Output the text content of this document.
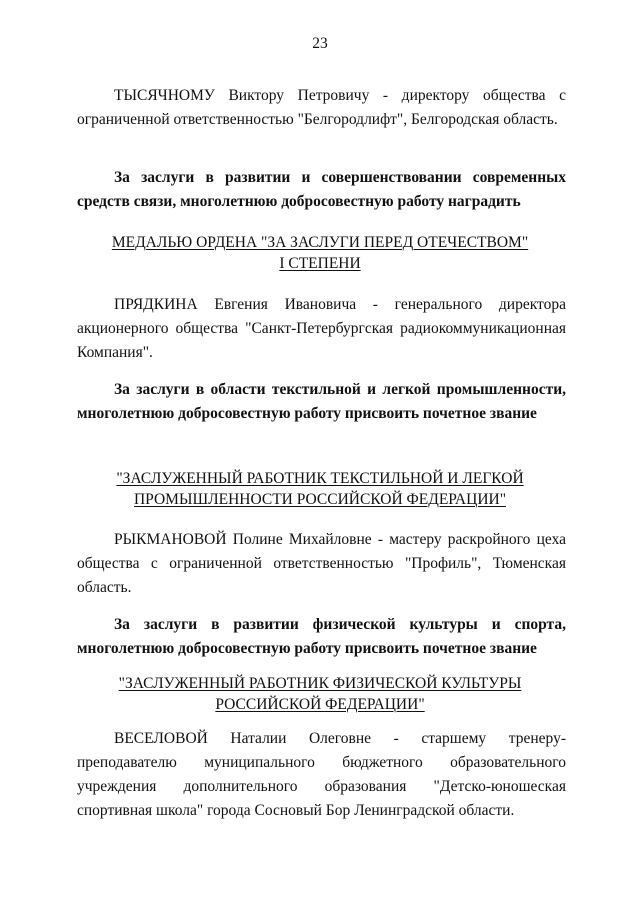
23

ТЫСЯЧНОМУ Виктору Петровичу - директору общества с ограниченной ответственностью "Белгородлифт", Белгородская область.

За заслуги в развитии и совершенствовании современных средств связи, многолетнюю добросовестную работу наградить

МЕДАЛЬЮ ОРДЕНА "ЗА ЗАСЛУГИ ПЕРЕД ОТЕЧЕСТВОМ"
I СТЕПЕНИ

ПРЯДКИНА Евгения Ивановича - генерального директора акционерного общества "Санкт-Петербургская радиокоммуникационная Компания".

За заслуги в области текстильной и легкой промышленности, многолетнюю добросовестную работу присвоить почетное звание

"ЗАСЛУЖЕННЫЙ РАБОТНИК ТЕКСТИЛЬНОЙ И ЛЕГКОЙ
ПРОМЫШЛЕННОСТИ РОССИЙСКОЙ ФЕДЕРАЦИИ"

РЫКМАНОВОЙ Полине Михайловне - мастеру раскройного цеха общества с ограниченной ответственностью "Профиль", Тюменская область.

За заслуги в развитии физической культуры и спорта, многолетнюю добросовестную работу присвоить почетное звание

"ЗАСЛУЖЕННЫЙ РАБОТНИК ФИЗИЧЕСКОЙ КУЛЬТУРЫ
РОССИЙСКОЙ ФЕДЕРАЦИИ"

ВЕСЕЛОВОЙ Наталии Олеговне - старшему тренеру-преподавателю муниципального бюджетного образовательного учреждения дополнительного образования "Детско-юношеская спортивная школа" города Сосновый Бор Ленинградской области.
